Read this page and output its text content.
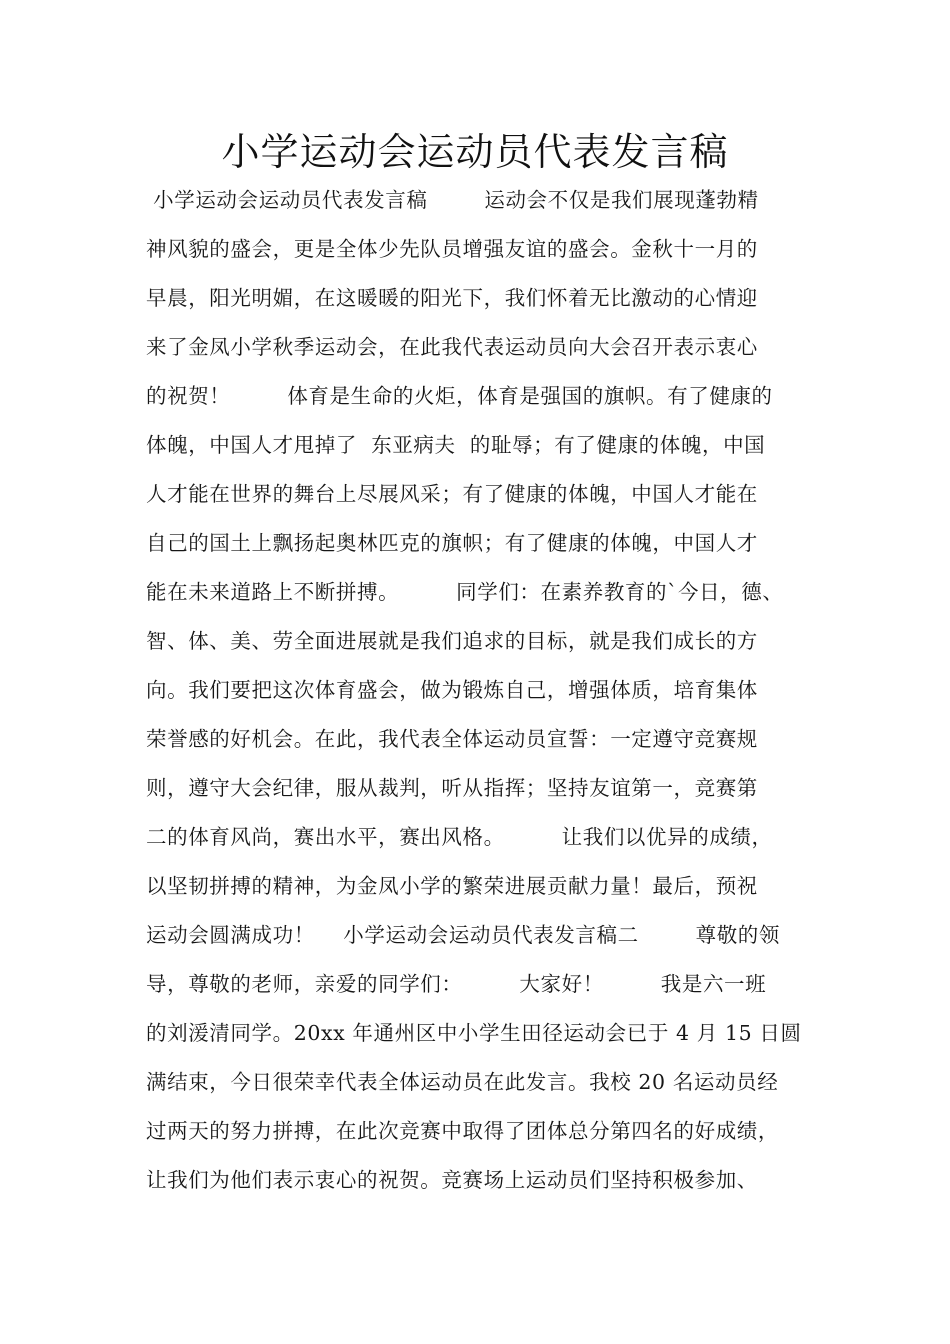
小学运动会运动员代表发言稿
小学运动会运动员代表发言稿        运动会不仅是我们展现蓬勃精
神风貌的盛会，更是全体少先队员增强友谊的盛会。金秋十一月的
早晨，阳光明媚，在这暖暖的阳光下，我们怀着无比激动的心情迎
来了金凤小学秋季运动会，在此我代表运动员向大会召开表示衷心
的祝贺！        体育是生命的火炬，体育是强国的旗帜。有了健康的
体魄，中国人才甩掉了  东亚病夫  的耻辱；有了健康的体魄，中国
人才能在世界的舞台上尽展风采；有了健康的体魄，中国人才能在
自己的国土上飘扬起奥林匹克的旗帜；有了健康的体魄，中国人才
能在未来道路上不断拼搏。        同学们：在素养教育的`今日，德、
智、体、美、劳全面进展就是我们追求的目标，就是我们成长的方
向。我们要把这次体育盛会，做为锻炼自己，增强体质，培育集体
荣誉感的好机会。在此，我代表全体运动员宣誓：一定遵守竞赛规
则，遵守大会纪律，服从裁判，听从指挥；坚持友谊第一，竞赛第
二的体育风尚，赛出水平，赛出风格。        让我们以优异的成绩，
以坚韧拼搏的精神，为金凤小学的繁荣进展贡献力量！最后，预祝
运动会圆满成功！    小学运动会运动员代表发言稿二        尊敬的领
导，尊敬的老师，亲爱的同学们：        大家好！        我是六一班
的刘湲清同学。20xx 年通州区中小学生田径运动会已于 4 月 15 日圆
满结束，今日很荣幸代表全体运动员在此发言。我校 20 名运动员经
过两天的努力拼搏，在此次竞赛中取得了团体总分第四名的好成绩，
让我们为他们表示衷心的祝贺。竞赛场上运动员们坚持积极参加、
